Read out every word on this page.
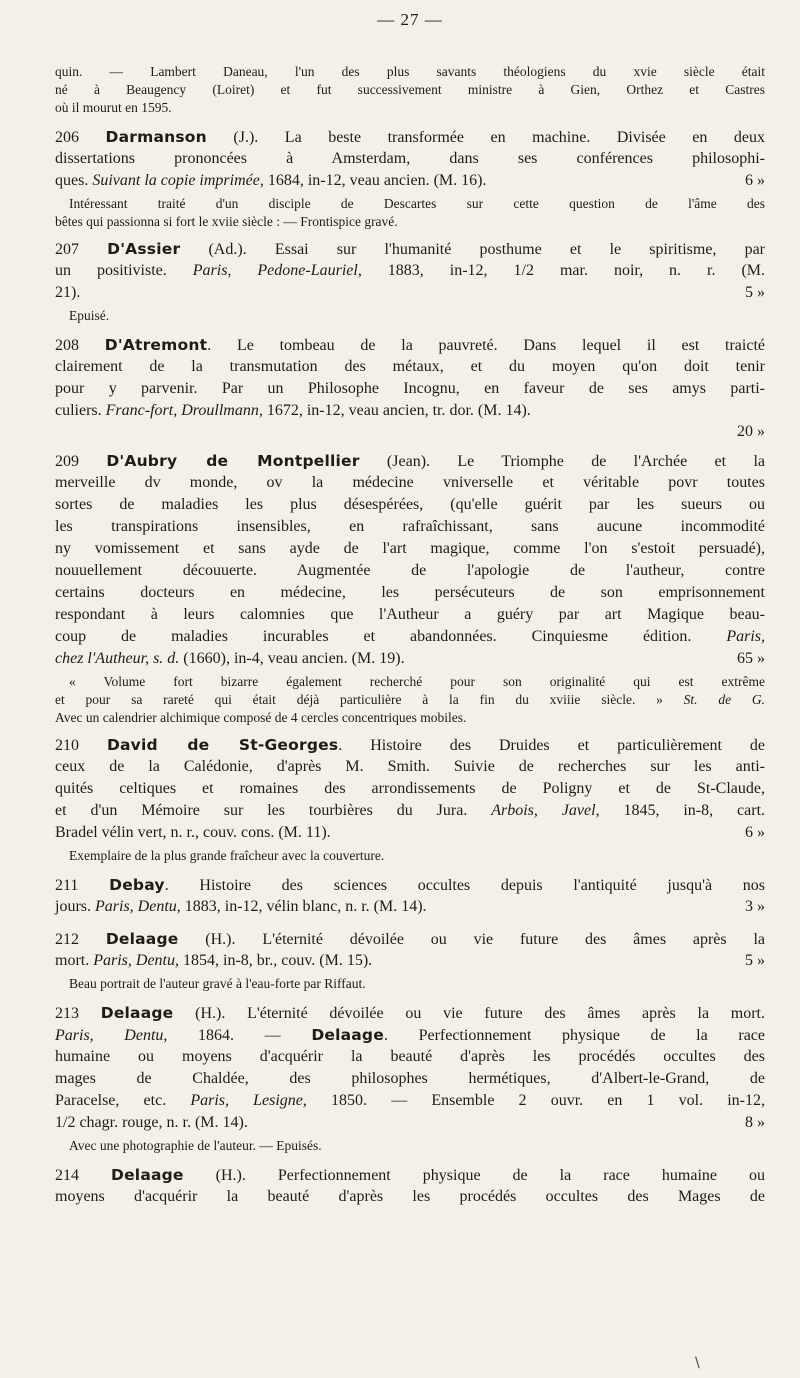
— 27 —
quin. — Lambert Daneau, l'un des plus savants théologiens du xvie siècle était
né à Beaugency (Loiret) et fut successivement ministre à Gien, Orthez et Castres
où il mourut en 1595.
206 Darmanson (J.). La beste transformée en machine. Divisée en deux
dissertations prononcées à Amsterdam, dans ses conférences philosophi-
ques. Suivant la copie imprimée, 1684, in-12, veau ancien. (M. 16).	6 »
Intéressant traité d'un disciple de Descartes sur cette question de l'âme des
bêtes qui passionna si fort le xviie siècle : — Frontispice gravé.
207 D'Assier (Ad.). Essai sur l'humanité posthume et le spiritisme, par
un positiviste. Paris, Pedone-Lauriel, 1883, in-12, 1/2 mar. noir, n. r. (M.
21).	5 »
Epuisé.
208 D'Atremont. Le tombeau de la pauvreté. Dans lequel il est traicté
clairement de la transmutation des métaux, et du moyen qu'on doit tenir
pour y parvenir. Par un Philosophe Incognu, en faveur de ses amys parti-
culiers. Franc-fort, Droullmann, 1672, in-12, veau ancien, tr. dor. (M. 14).
20 »
209 D'Aubry de Montpellier (Jean). Le Triomphe de l'Archée et la
merveille dv monde, ov la médecine vniverselle et véritable povr toutes
sortes de maladies les plus désespérées, (qu'elle guérit par les sueurs ou
les transpirations insensibles, en rafraîchissant, sans aucune incommodité
ny vomissement et sans ayde de l'art magique, comme l'on s'estoit persuadé),
nouuellement découuerte. Augmentée de l'apologie de l'autheur, contre
certains docteurs en médecine, les persécuteurs de son emprisonnement
respondant à leurs calomnies que l'Autheur a guéry par art Magique beau-
coup de maladies incurables et abandonnées. Cinquiesme édition. Paris,
chez l'Autheur, s. d. (1660), in-4, veau ancien. (M. 19).	65 »
« Volume fort bizarre également recherché pour son originalité qui est extrême
et pour sa rareté qui était déjà particulière à la fin du xviiie siècle. » St. de G.
Avec un calendrier alchimique composé de 4 cercles concentriques mobiles.
210 David de St-Georges. Histoire des Druides et particulièrement de
ceux de la Calédonie, d'après M. Smith. Suivie de recherches sur les anti-
quités celtiques et romaines des arrondissements de Poligny et de St-Claude,
et d'un Mémoire sur les tourbières du Jura. Arbois, Javel, 1845, in-8, cart.
Bradel vélin vert, n. r., couv. cons. (M. 11).	6 »
Exemplaire de la plus grande fraîcheur avec la couverture.
211 Debay. Histoire des sciences occultes depuis l'antiquité jusqu'à nos
jours. Paris, Dentu, 1883, in-12, vélin blanc, n. r. (M. 14).	3 »
212 Delaage (H.). L'éternité dévoilée ou vie future des âmes après la
mort. Paris, Dentu, 1854, in-8, br., couv. (M. 15).	5 »
Beau portrait de l'auteur gravé à l'eau-forte par Riffaut.
213 Delaage (H.). L'éternité dévoilée ou vie future des âmes après la mort.
Paris, Dentu, 1864. — Delaage. Perfectionnement physique de la race
humaine ou moyens d'acquérir la beauté d'après les procédés occultes des
mages de Chaldée, des philosophes hermétiques, d'Albert-le-Grand, de
Paracelse, etc. Paris, Lesigne, 1850. — Ensemble 2 ouvr. en 1 vol. in-12,
1/2 chagr. rouge, n. r. (M. 14).	8 »
Avec une photographie de l'auteur. — Epuisés.
214 Delaage (H.). Perfectionnement physique de la race humaine ou
moyens d'acquérir la beauté d'après les procédés occultes des Mages de
\
